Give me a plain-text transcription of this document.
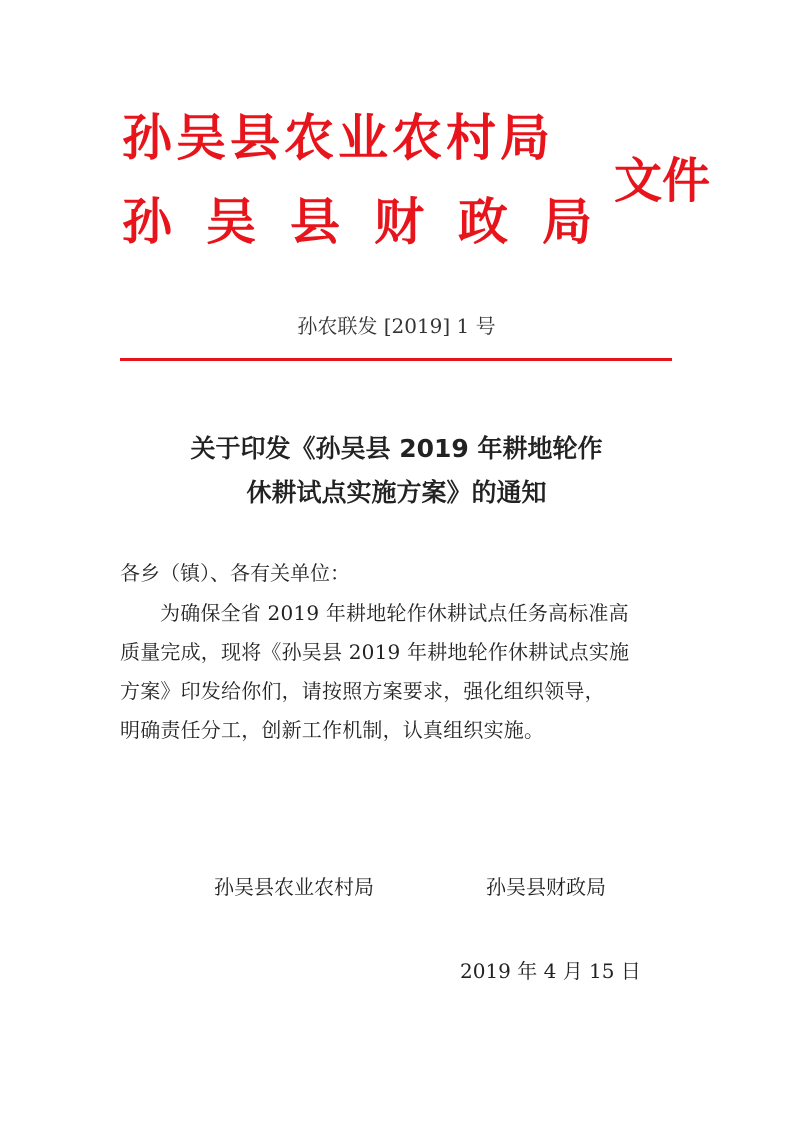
孙吴县农业农村局
孙吴县财政局
文件
孙农联发 [2019] 1 号
关于印发《孙吴县 2019 年耕地轮作
休耕试点实施方案》的通知
各乡（镇）、各有关单位：
为确保全省 2019 年耕地轮作休耕试点任务高标准高
质量完成，现将《孙吴县 2019 年耕地轮作休耕试点实施
方案》印发给你们，请按照方案要求，强化组织领导，
明确责任分工，创新工作机制，认真组织实施。
孙吴县农业农村局	孙吴县财政局
2019 年 4 月 15 日
